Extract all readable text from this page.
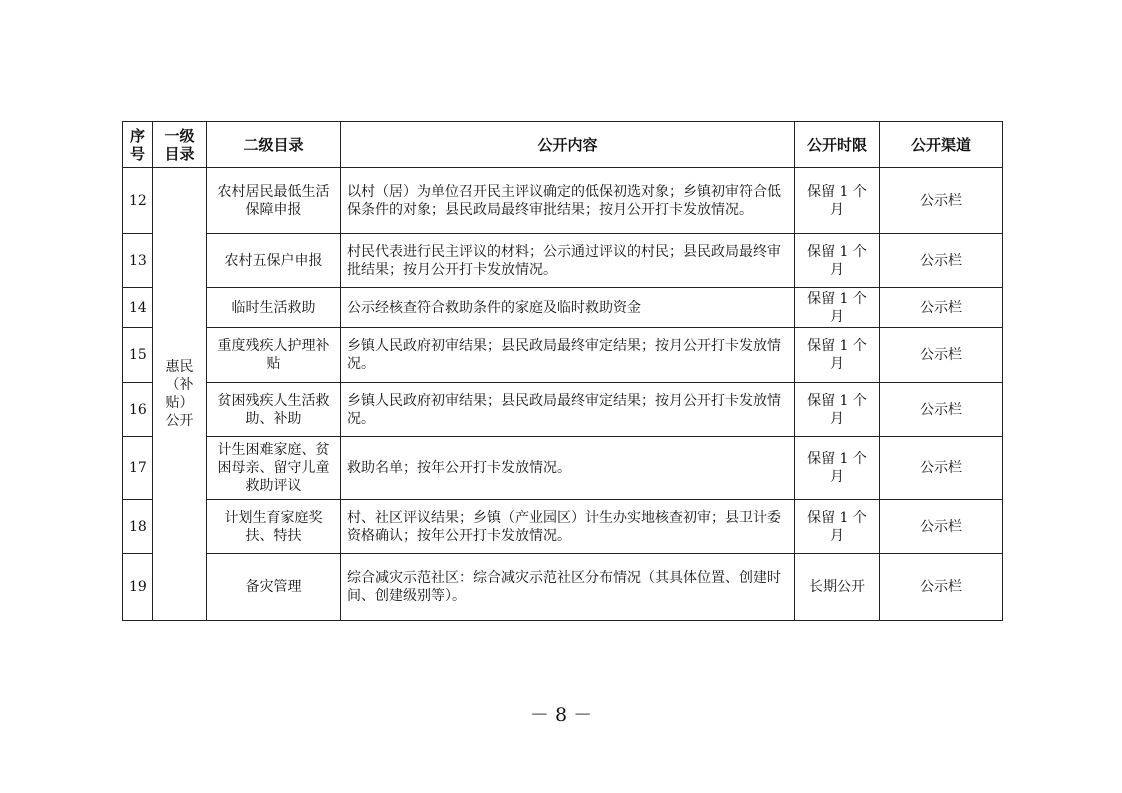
序号	一级目录	二级目录	公开内容	公开时限	公开渠道
12	惠民（补贴）公开	农村居民最低生活保障申报	以村（居）为单位召开民主评议确定的低保初选对象；乡镇初审符合低保条件的对象；县民政局最终审批结果；按月公开打卡发放情况。	保留 1 个月	公示栏
13		农村五保户申报	村民代表进行民主评议的材料；公示通过评议的村民；县民政局最终审批结果；按月公开打卡发放情况。	保留 1 个月	公示栏
14		临时生活救助	公示经核查符合救助条件的家庭及临时救助资金	保留 1 个月	公示栏
15		重度残疾人护理补贴	乡镇人民政府初审结果；县民政局最终审定结果；按月公开打卡发放情况。	保留 1 个月	公示栏
16		贫困残疾人生活救助、补助	乡镇人民政府初审结果；县民政局最终审定结果；按月公开打卡发放情况。	保留 1 个月	公示栏
17		计生困难家庭、贫困母亲、留守儿童救助评议	救助名单；按年公开打卡发放情况。	保留 1 个月	公示栏
18		计划生育家庭奖扶、特扶	村、社区评议结果；乡镇（产业园区）计生办实地核查初审；县卫计委资格确认；按年公开打卡发放情况。	保留 1 个月	公示栏
19		备灾管理	综合减灾示范社区：综合减灾示范社区分布情况（其具体位置、创建时间、创建级别等）。	长期公开	公示栏
－ 8 －
